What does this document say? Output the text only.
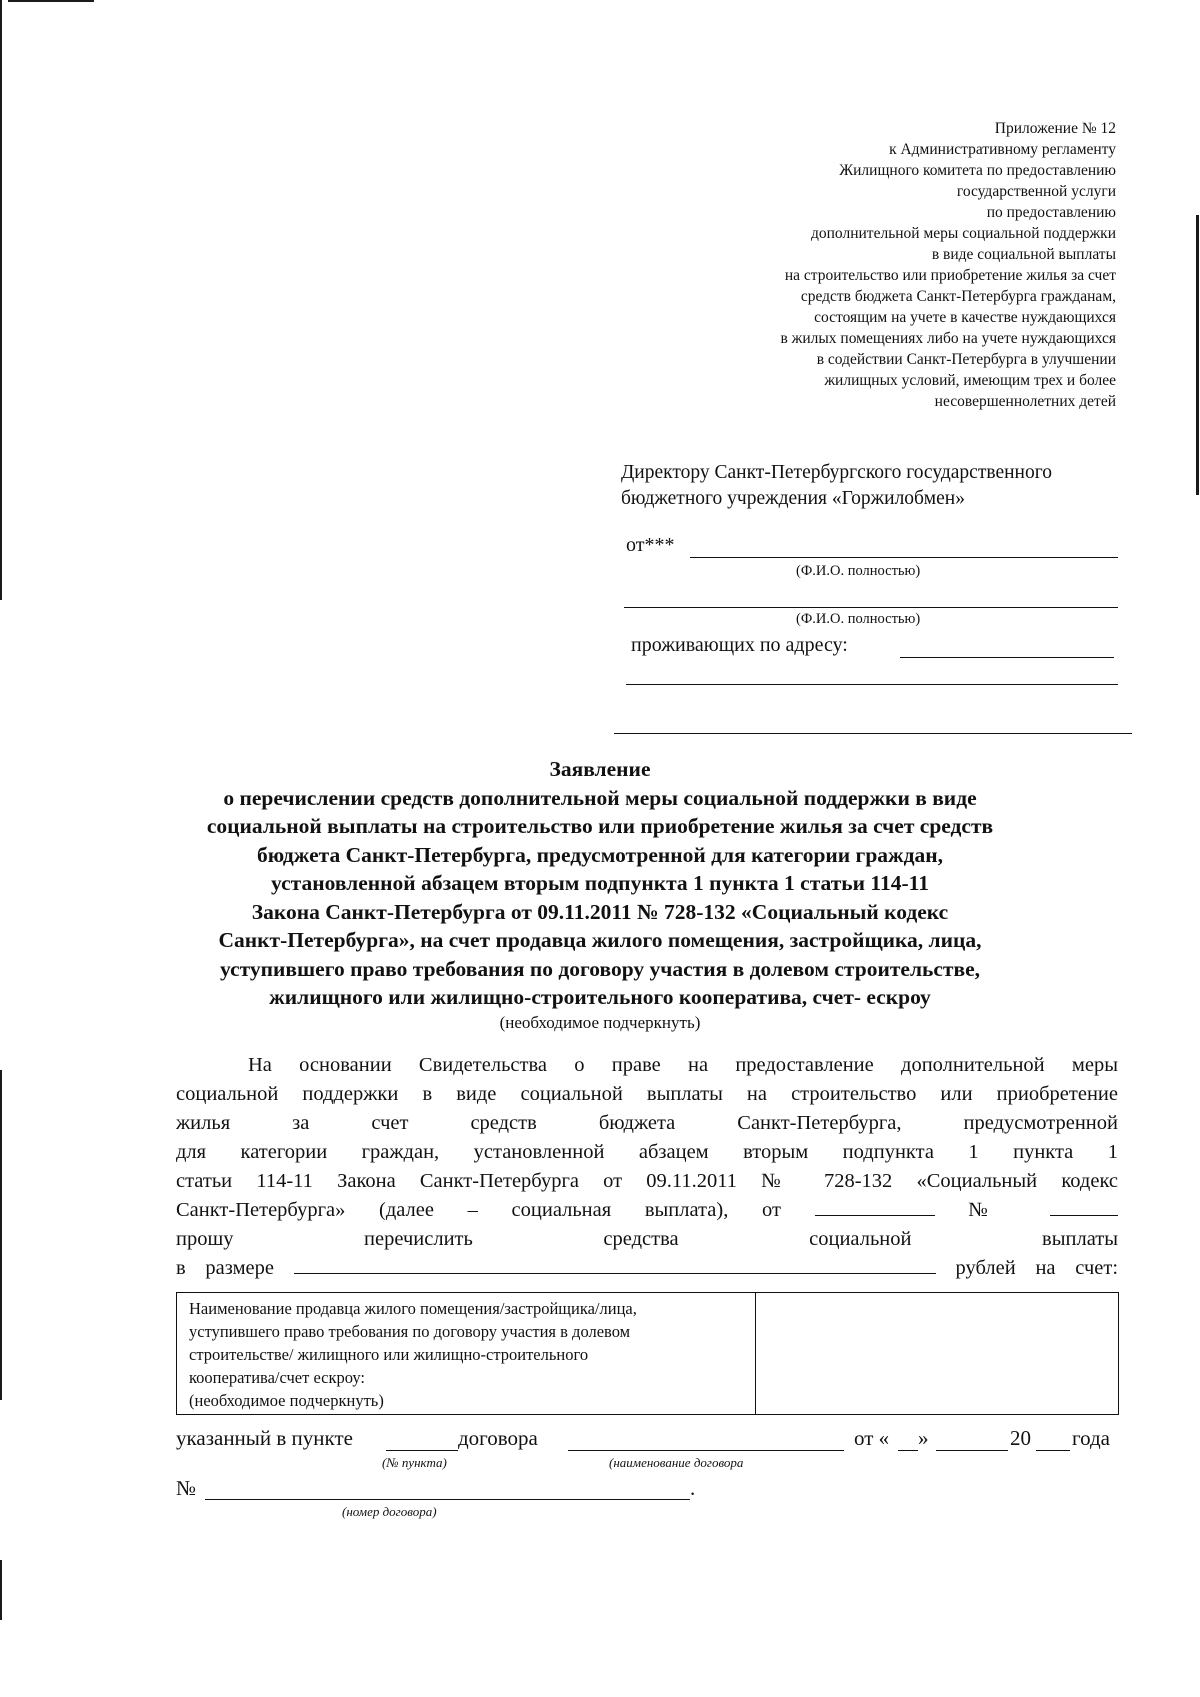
Приложение № 12
к Административному регламенту
Жилищного комитета по предоставлению
государственной услуги
по предоставлению
дополнительной меры социальной поддержки
в виде социальной выплаты
на строительство или приобретение жилья за счет
средств бюджета Санкт-Петербурга гражданам,
состоящим на учете в качестве нуждающихся
в жилых помещениях либо на учете нуждающихся
в содействии Санкт-Петербурга в улучшении
жилищных условий, имеющим трех и более
несовершеннолетних детей
Директору Санкт-Петербургского государственного
бюджетного учреждения «Горжилобмен»
от***
(Ф.И.О. полностью)
(Ф.И.О. полностью)
проживающих по адресу:
Заявление
о перечислении средств дополнительной меры социальной поддержки в виде
социальной выплаты на строительство или приобретение жилья за счет средств
бюджета Санкт-Петербурга, предусмотренной для категории граждан,
установленной абзацем вторым подпункта 1 пункта 1 статьи 114-11
Закона Санкт-Петербурга от 09.11.2011 № 728-132 «Социальный кодекс
Санкт-Петербурга», на счет продавца жилого помещения, застройщика, лица,
уступившего право требования по договору участия в долевом строительстве,
жилищного или жилищно-строительного кооператива, счет- ескроу
(необходимое подчеркнуть)
На основании Свидетельства о праве на предоставление дополнительной меры
социальной поддержки в виде социальной выплаты на строительство или приобретение
жилья за счет средств бюджета Санкт-Петербурга, предусмотренной
для категории граждан, установленной абзацем вторым подпункта 1 пункта 1
статьи 114-11 Закона Санкт-Петербурга от 09.11.2011 № 728-132 «Социальный кодекс
Санкт-Петербурга» (далее – социальная выплата), от	№
прошу перечислить средства социальной выплаты
в размере	рублей на счет:
Наименование продавца жилого помещения/застройщика/лица,
уступившего право требования по договору участия в долевом
строительстве/ жилищного или жилищно-строительного
кооператива/счет ескроу:
(необходимое подчеркнуть)

указанный в пункте	договора	от « »	20 года
(№ пункта)	(наименование договора
№	.
(номер договора)
